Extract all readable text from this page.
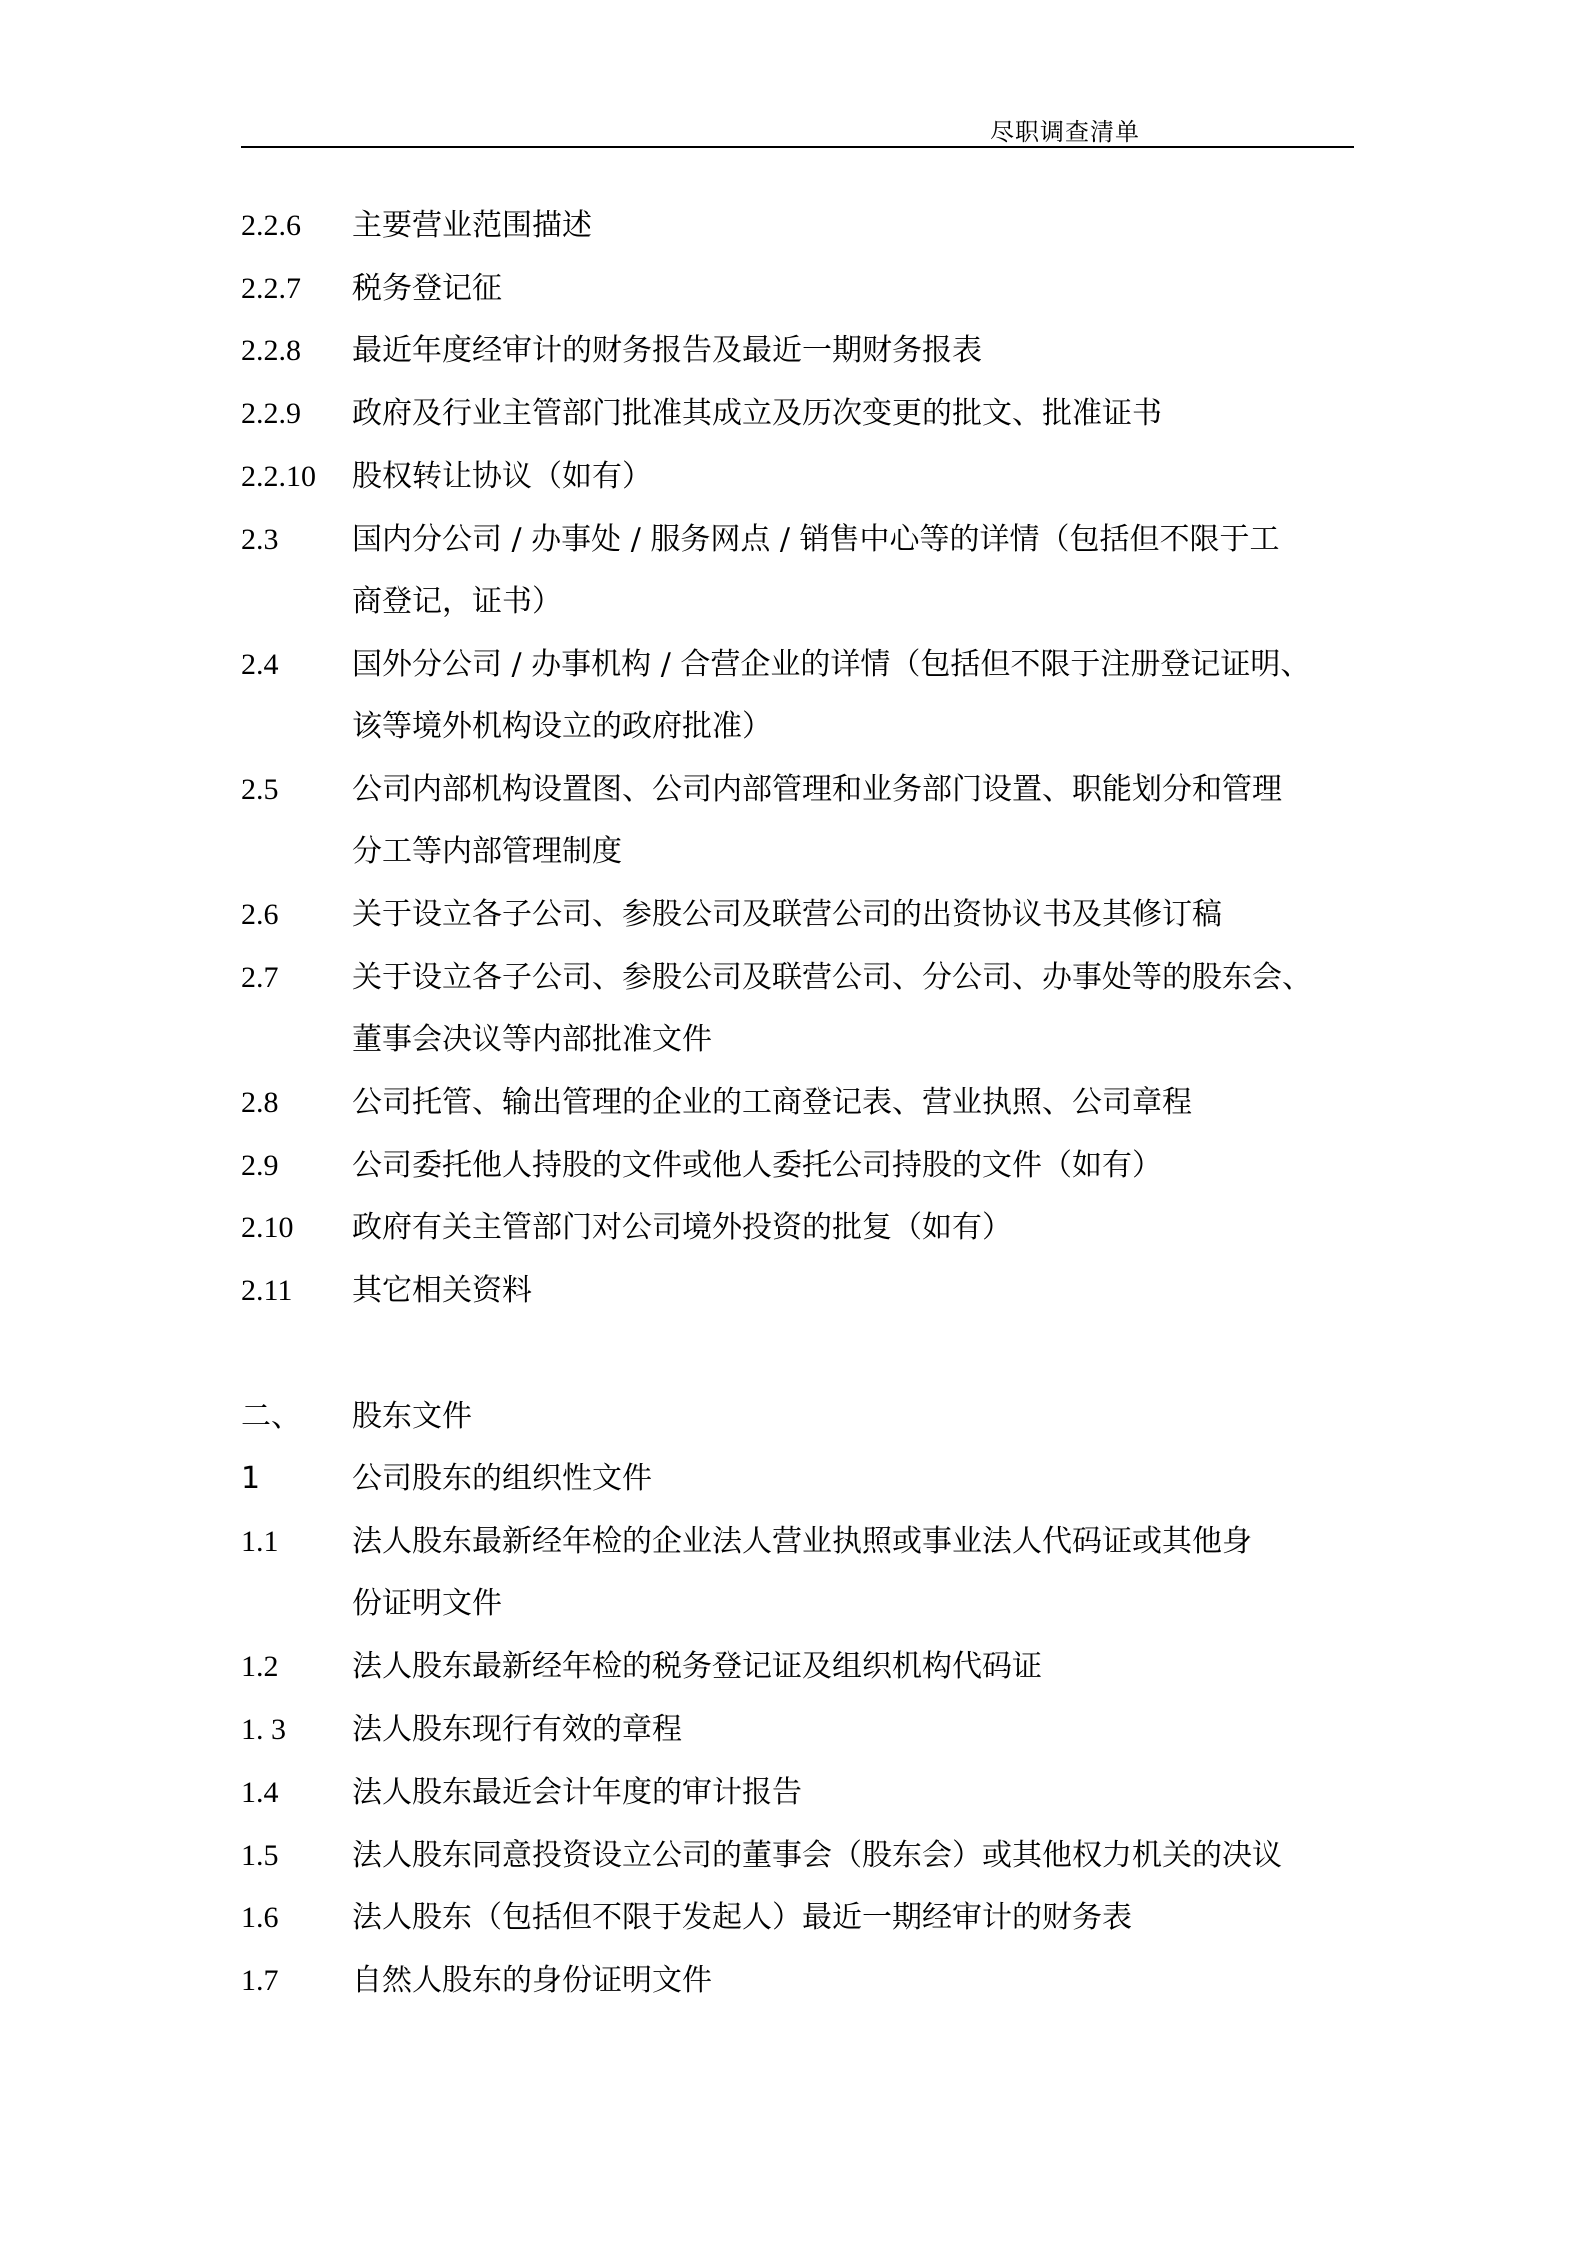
尽职调查清单
2.2.6	主要营业范围描述
2.2.7	税务登记征
2.2.8	最近年度经审计的财务报告及最近一期财务报表
2.2.9	政府及行业主管部门批准其成立及历次变更的批文、批准证书
2.2.10	股权转让协议（如有）
2.3	国内分公司 / 办事处 / 服务网点 / 销售中心等的详情（包括但不限于工
商登记，证书）
2.4	国外分公司 / 办事机构 / 合营企业的详情（包括但不限于注册登记证明、
该等境外机构设立的政府批准）
2.5	公司内部机构设置图、公司内部管理和业务部门设置、职能划分和管理
分工等内部管理制度
2.6	关于设立各子公司、参股公司及联营公司的出资协议书及其修订稿
2.7	关于设立各子公司、参股公司及联营公司、分公司、办事处等的股东会、
董事会决议等内部批准文件
2.8	公司托管、输出管理的企业的工商登记表、营业执照、公司章程
2.9	公司委托他人持股的文件或他人委托公司持股的文件（如有）
2.10	政府有关主管部门对公司境外投资的批复（如有）
2.11	其它相关资料
二、	股东文件
1	公司股东的组织性文件
1.1	法人股东最新经年检的企业法人营业执照或事业法人代码证或其他身
份证明文件
1.2	法人股东最新经年检的税务登记证及组织机构代码证
1. 3	法人股东现行有效的章程
1.4	法人股东最近会计年度的审计报告
1.5	法人股东同意投资设立公司的董事会（股东会）或其他权力机关的决议
1.6	法人股东（包括但不限于发起人）最近一期经审计的财务表
1.7	自然人股东的身份证明文件
